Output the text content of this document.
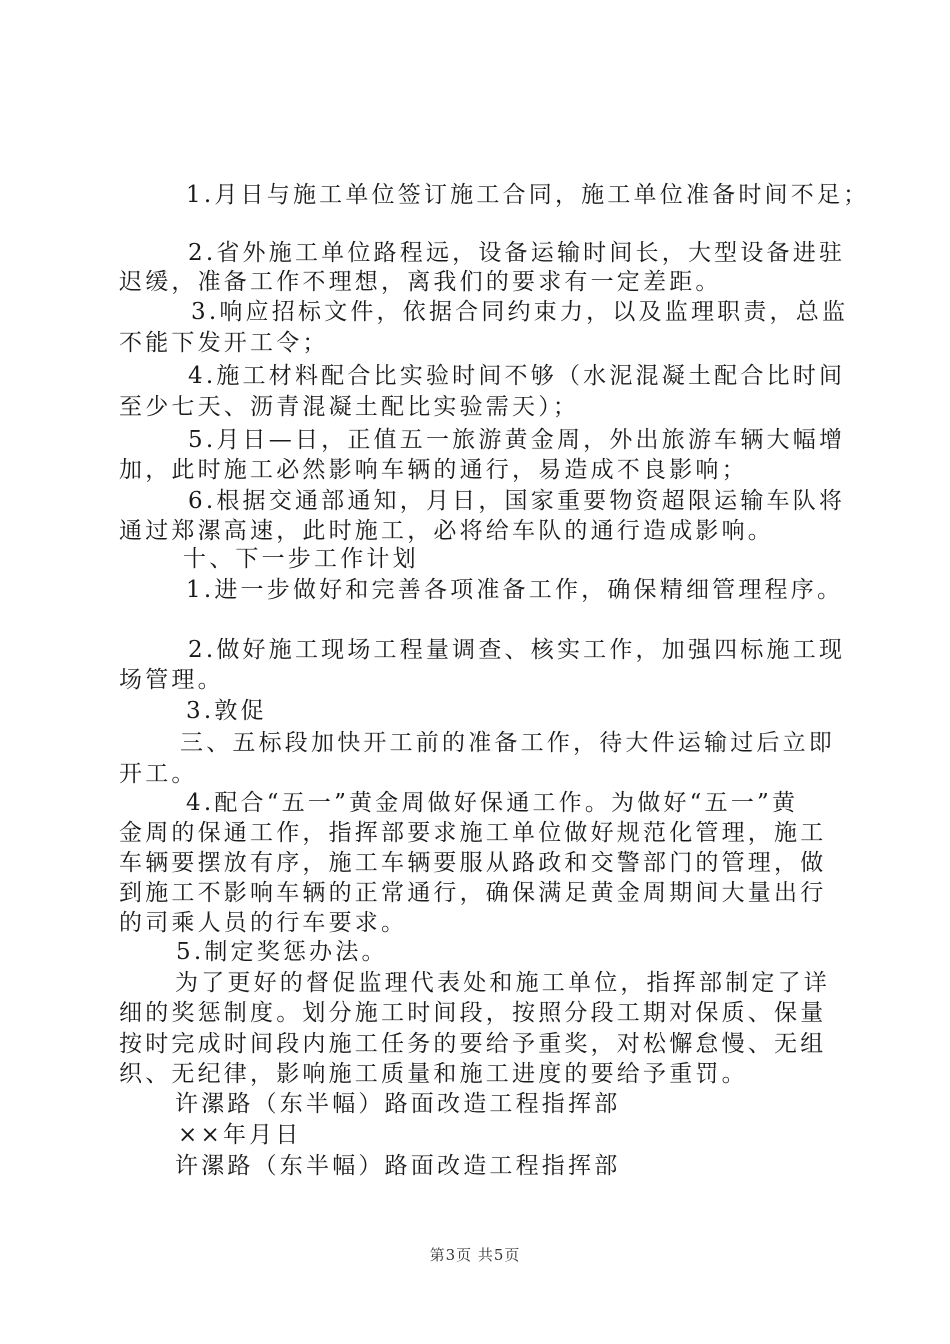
1.月日与施工单位签订施工合同，施工单位准备时间不足；
2.省外施工单位路程远，设备运输时间长，大型设备进驻
迟缓，准备工作不理想，离我们的要求有一定差距。
3.响应招标文件，依据合同约束力，以及监理职责，总监
不能下发开工令；
4.施工材料配合比实验时间不够（水泥混凝土配合比时间
至少七天、沥青混凝土配比实验需天）；
5.月日—日，正值五一旅游黄金周，外出旅游车辆大幅增
加，此时施工必然影响车辆的通行，易造成不良影响；
6.根据交通部通知，月日，国家重要物资超限运输车队将
通过郑漯高速，此时施工，必将给车队的通行造成影响。
十、下一步工作计划
1.进一步做好和完善各项准备工作，确保精细管理程序。
2.做好施工现场工程量调查、核实工作，加强四标施工现
场管理。
3.敦促
三、五标段加快开工前的准备工作，待大件运输过后立即
开工。
4.配合“五一”黄金周做好保通工作。为做好“五一”黄
金周的保通工作，指挥部要求施工单位做好规范化管理，施工
车辆要摆放有序，施工车辆要服从路政和交警部门的管理，做
到施工不影响车辆的正常通行，确保满足黄金周期间大量出行
的司乘人员的行车要求。
5.制定奖惩办法。
为了更好的督促监理代表处和施工单位，指挥部制定了详
细的奖惩制度。划分施工时间段，按照分段工期对保质、保量
按时完成时间段内施工任务的要给予重奖，对松懈怠慢、无组
织、无纪律，影响施工质量和施工进度的要给予重罚。
许漯路（东半幅）路面改造工程指挥部
××年月日
许漯路（东半幅）路面改造工程指挥部
第3页 共5页
